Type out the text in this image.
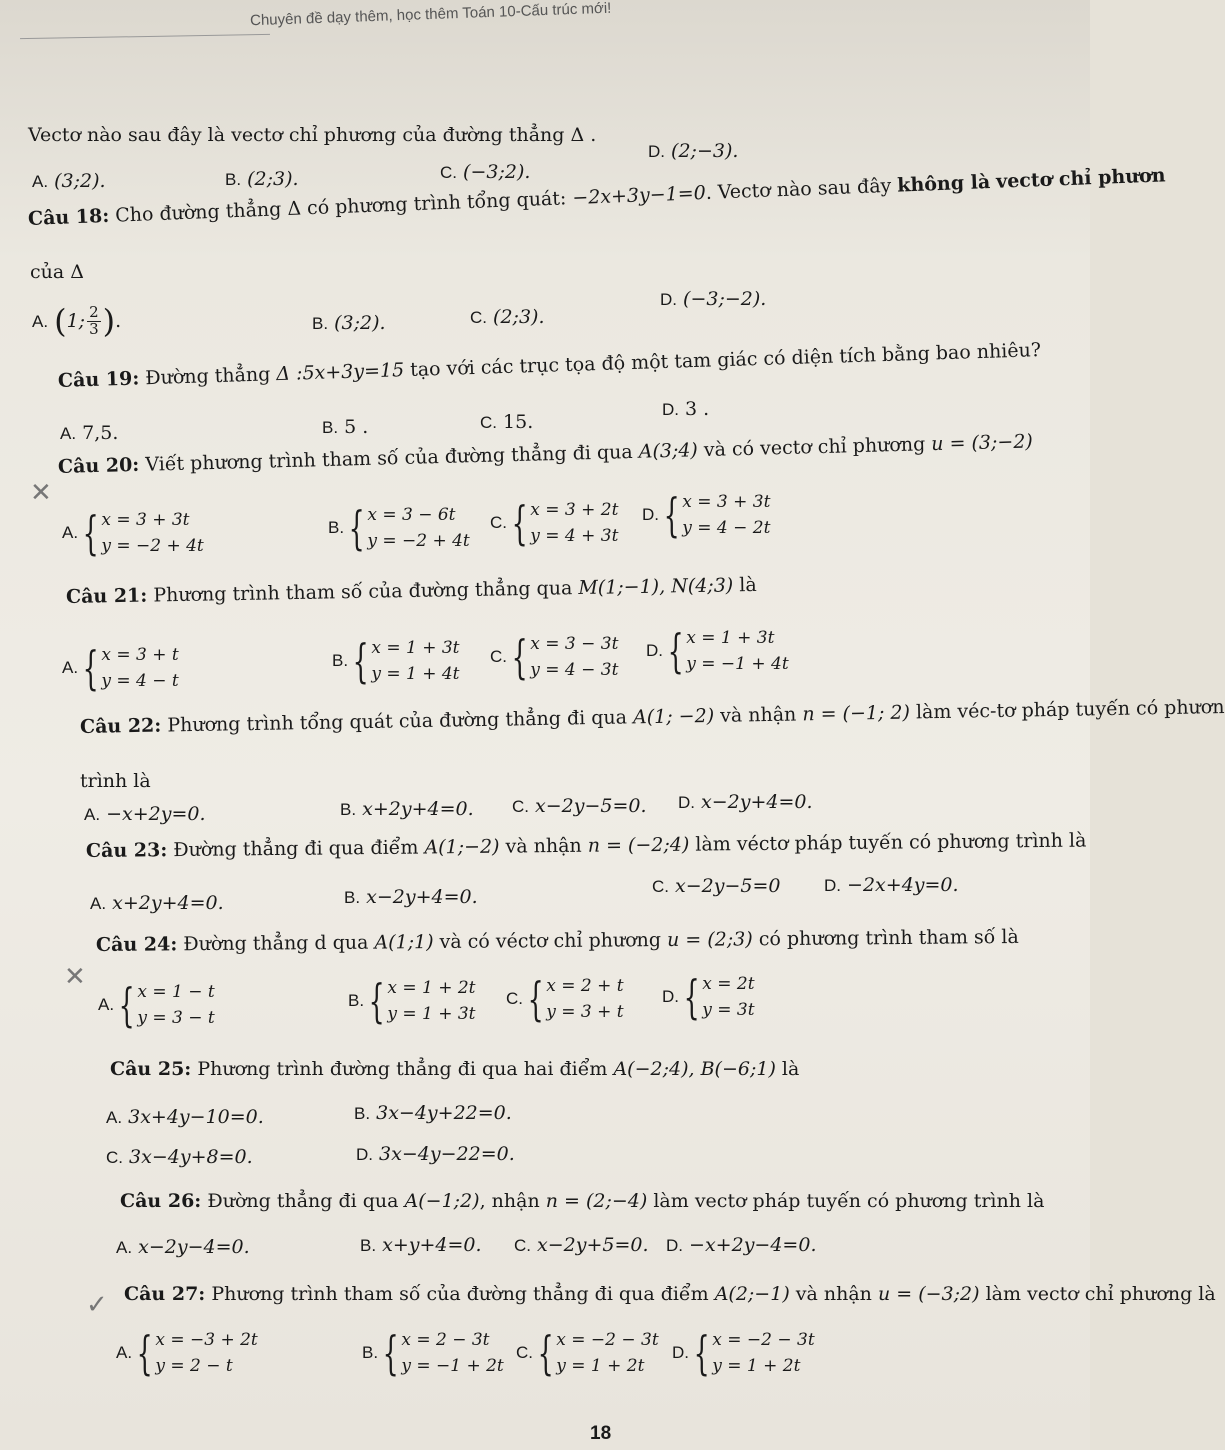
Chuyên đề dạy thêm, học thêm Toán 10-Cấu trúc mới!
Vectơ nào sau đây là vectơ chỉ phương của đường thẳng Δ .
A. (3;2).	B. (2;3).	C. (−3;2).
D. (2;−3).
Câu 18: Cho đường thẳng Δ có phương trình tổng quát: −2x+3y−1=0. Vectơ nào sau đây không là vectơ chỉ phươn
của Δ
A.
( 1; $\frac{2}{3}$ ) .	B. (3;2).	C. (2;3).
D. (−3;−2).
Câu 19: Đường thẳng Δ :5x+3y=15 tạo với các trục tọa độ một tam giác có diện tích bằng bao nhiêu?
A. 7,5.	B. 5 .	C. 15.
D. 3 .
✕
Câu 20: Viết phương trình tham số của đường thẳng đi qua A(3;4) và có vectơ chỉ phương u = (3;−2)
A. { x = 3 + 3t
y = −2 + 4t
B. { x = 3 − 6t
y = −2 + 4t
C. { x = 3 + 2t
y = 4 + 3t
D. { x = 3 + 3t
y = 4 − 2t
Câu 21: Phương trình tham số của đường thẳng qua M(1;−1), N(4;3) là
A. { x = 3 + t
y = 4 − t
B. { x = 1 + 3t
y = 1 + 4t
C. { x = 3 − 3t
y = 4 − 3t
D. { x = 1 + 3t
y = −1 + 4t
Câu 22: Phương trình tổng quát của đường thẳng đi qua A(1; −2) và nhận n = (−1; 2) làm véc-tơ pháp tuyến có phươn
trình là
A. −x+2y=0.	B. x+2y+4=0. C. x−2y−5=0. D. x−2y+4=0.
Câu 23: Đường thẳng đi qua điểm A(1;−2) và nhận n = (−2;4) làm véctơ pháp tuyến có phương trình là
A. x+2y+4=0.	B. x−2y+4=0.	C. x−2y−5=0	D. −2x+4y=0.
✕
Câu 24: Đường thẳng d qua A(1;1) và có véctơ chỉ phương u = (2;3) có phương trình tham số là
A. { x = 1 − t
y = 3 − t
B. { x = 1 + 2t
y = 1 + 3t
C. { x = 2 + t
y = 3 + t
D. { x = 2t
y = 3t
Câu 25: Phương trình đường thẳng đi qua hai điểm A(−2;4), B(−6;1) là
A. 3x+4y−10=0.	B. 3x−4y+22=0.
C. 3x−4y+8=0.	D. 3x−4y−22=0.
Câu 26: Đường thẳng đi qua A(−1;2), nhận n = (2;−4) làm vectơ pháp tuyến có phương trình là
A. x−2y−4=0.	B. x+y+4=0. C. x−2y+5=0. D. −x+2y−4=0.
✓ Câu 27: Phương trình tham số của đường thẳng đi qua điểm A(2;−1) và nhận u = (−3;2) làm vectơ chỉ phương là
A. { x = −3 + 2t
y = 2 − t
B. { x = 2 − 3t
y = −1 + 2t
C. { x = −2 − 3t
y = 1 + 2t
D. { x = −2 − 3t
y = 1 + 2t
18
